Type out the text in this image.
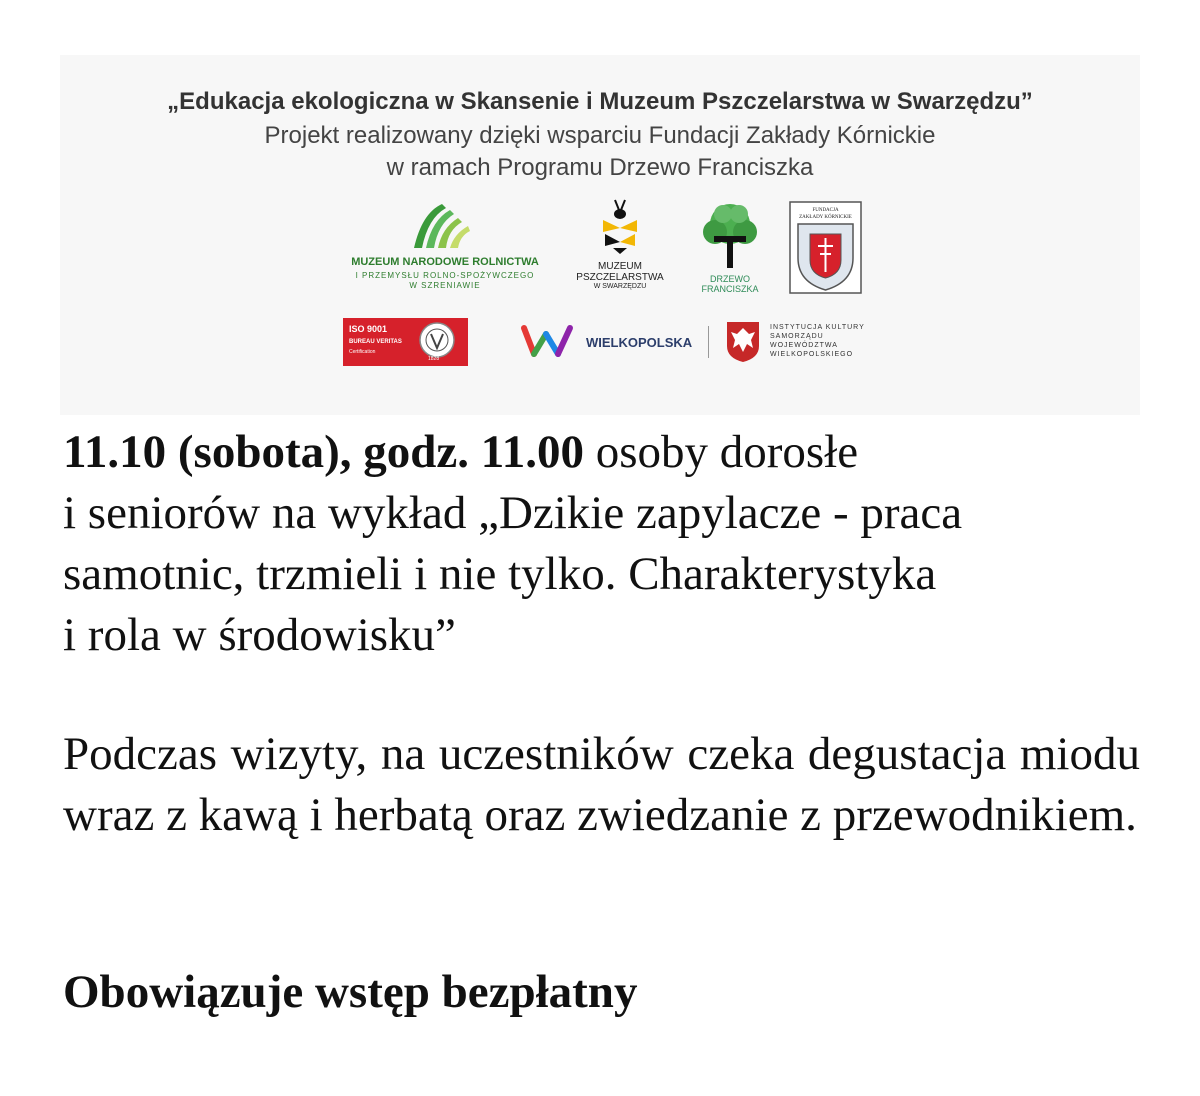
„Edukacja ekologiczna w Skansenie i Muzeum Pszczelarstwa w Swarzędzu”
Projekt realizowany dzięki wsparciu Fundacji Zakłady Kórnickie
w ramach Programu Drzewo Franciszka
MUZEUM NARODOWE ROLNICTWA
I PRZEMYSŁU ROLNO-SPOŻYWCZEGO
W SZRENIAWIE
MUZEUM
PSZCZELARSTWA
W SWARZĘDZU
DRZEWO
FRANCISZKA
FUNDACJA
ZAKŁADY KÓRNICKIE
ISO 9001
BUREAU VERITAS
Certification
1828
WIELKOPOLSKA
INSTYTUCJA KULTURY
SAMORZĄDU
WOJEWÓDZTWA
WIELKOPOLSKIEGO
11.10 (sobota), godz. 11.00 osoby dorosłe
i seniorów na wykład „Dzikie zapylacze - praca
samotnic, trzmieli i nie tylko. Charakterystyka
i rola w środowisku”

Podczas wizyty, na uczestników czeka degustacja miodu wraz z kawą i herbatą oraz zwiedzanie z przewodnikiem.

Obowiązuje wstęp bezpłatny
